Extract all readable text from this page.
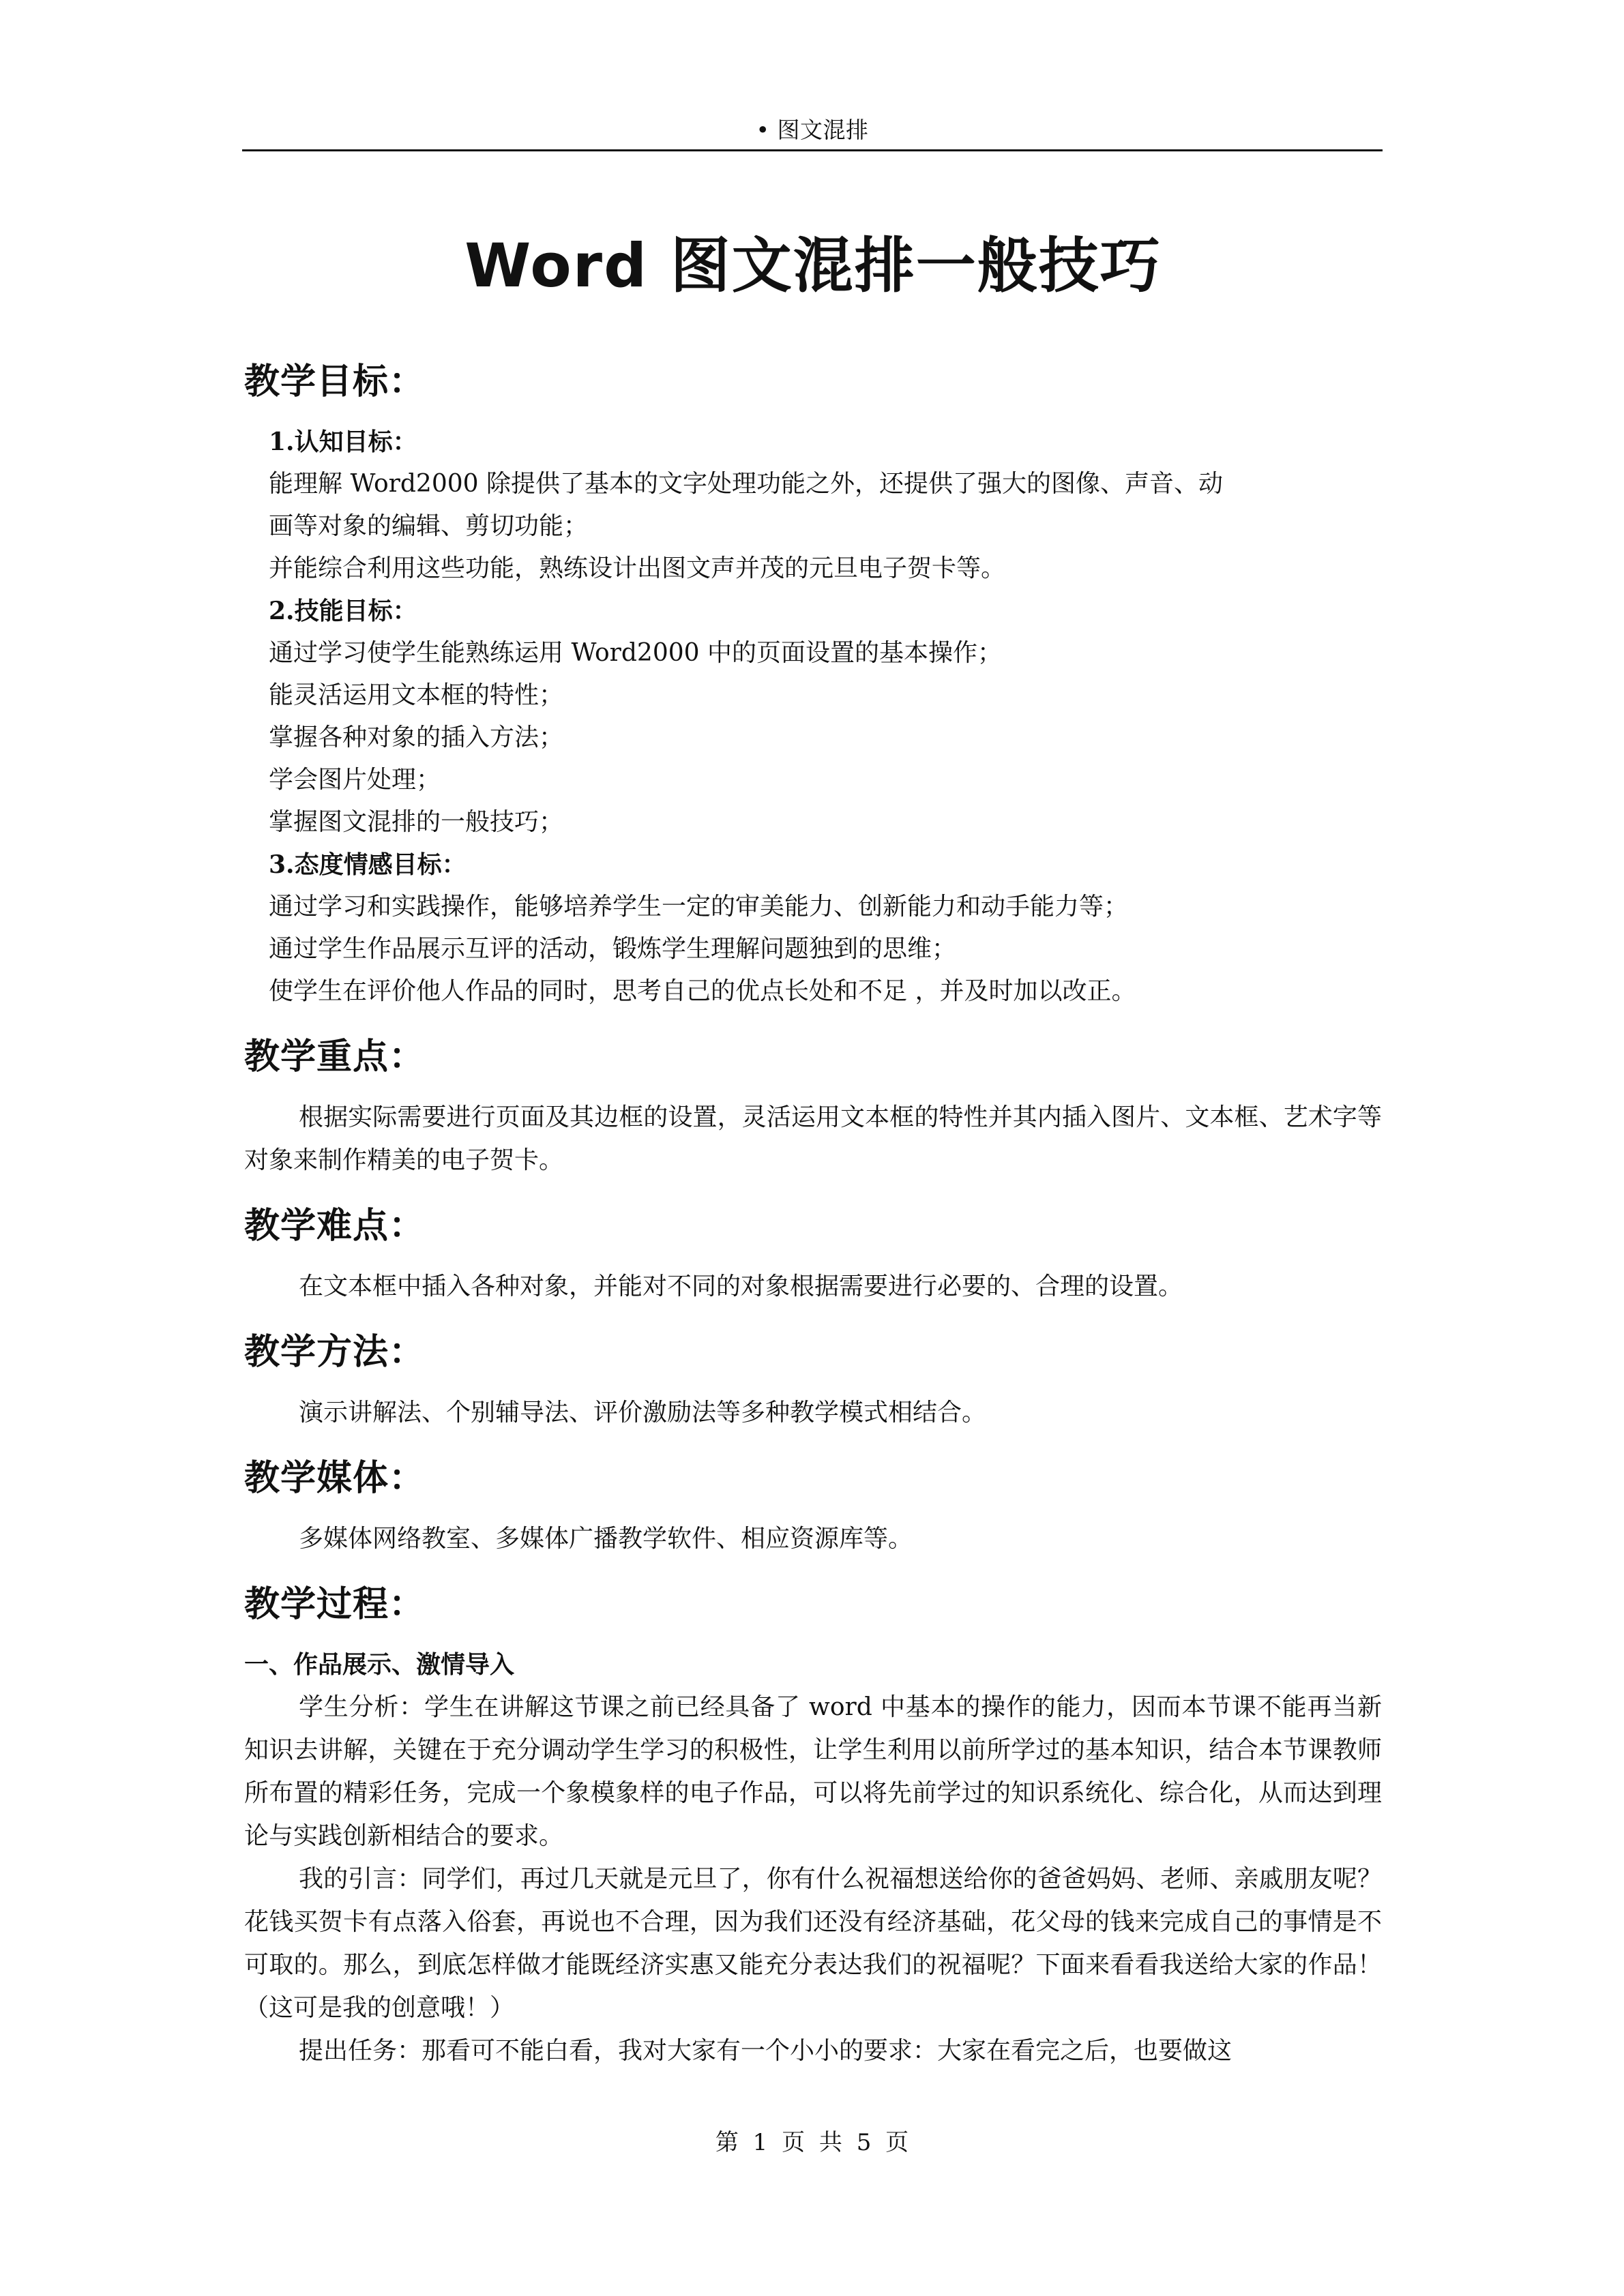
• 图文混排
Word 图文混排一般技巧
教学目标：

1.认知目标：

能理解 Word2000 除提供了基本的文字处理功能之外，还提供了强大的图像、声音、动

画等对象的编辑、剪切功能；

并能综合利用这些功能，熟练设计出图文声并茂的元旦电子贺卡等。

2.技能目标：

通过学习使学生能熟练运用 Word2000 中的页面设置的基本操作；

能灵活运用文本框的特性；

掌握各种对象的插入方法；

学会图片处理；

掌握图文混排的一般技巧；

3.态度情感目标：

通过学习和实践操作，能够培养学生一定的审美能力、创新能力和动手能力等；

通过学生作品展示互评的活动，锻炼学生理解问题独到的思维；

使学生在评价他人作品的同时，思考自己的优点长处和不足 ，并及时加以改正。

教学重点：

根据实际需要进行页面及其边框的设置，灵活运用文本框的特性并其内插入图片、文本框、艺术字等对象来制作精美的电子贺卡。

教学难点：

在文本框中插入各种对象，并能对不同的对象根据需要进行必要的、合理的设置。

教学方法：

演示讲解法、个别辅导法、评价激励法等多种教学模式相结合。

教学媒体：

多媒体网络教室、多媒体广播教学软件、相应资源库等。

教学过程：

一、作品展示、激情导入

学生分析：学生在讲解这节课之前已经具备了 word 中基本的操作的能力，因而本节课不能再当新知识去讲解，关键在于充分调动学生学习的积极性，让学生利用以前所学过的基本知识，结合本节课教师所布置的精彩任务，完成一个象模象样的电子作品，可以将先前学过的知识系统化、综合化，从而达到理论与实践创新相结合的要求。

我的引言：同学们，再过几天就是元旦了，你有什么祝福想送给你的爸爸妈妈、老师、亲戚朋友呢？花钱买贺卡有点落入俗套，再说也不合理，因为我们还没有经济基础，花父母的钱来完成自己的事情是不可取的。那么，到底怎样做才能既经济实惠又能充分表达我们的祝福呢？下面来看看我送给大家的作品！（这可是我的创意哦！）

提出任务：那看可不能白看，我对大家有一个小小的要求：大家在看完之后，也要做这

第 1 页 共 5 页
